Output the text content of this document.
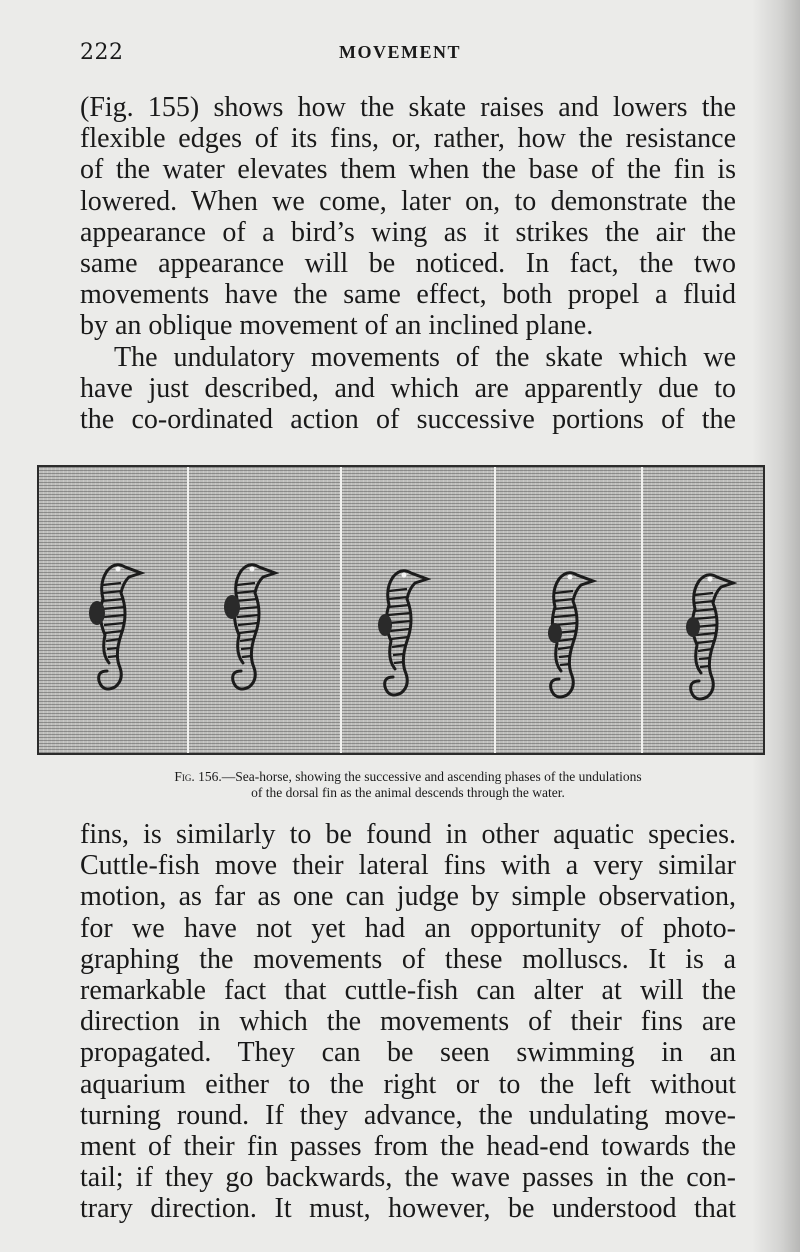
222	MOVEMENT
(Fig. 155) shows how the skate raises and lowers the
flexible edges of its fins, or, rather, how the resistance
of the water elevates them when the base of the fin is
lowered. When we come, later on, to demonstrate the
appearance of a bird’s wing as it strikes the air the
same appearance will be noticed. In fact, the two
movements have the same effect, both propel a fluid
by an oblique movement of an inclined plane.
The undulatory movements of the skate which we
have just described, and which are apparently due to
the co-ordinated action of successive portions of the
Fig. 156.—Sea-horse, showing the successive and ascending phases of the undulations
of the dorsal fin as the animal descends through the water.
fins, is similarly to be found in other aquatic species.
Cuttle-fish move their lateral fins with a very similar
motion, as far as one can judge by simple observation,
for we have not yet had an opportunity of photo-
graphing the movements of these molluscs. It is a
remarkable fact that cuttle-fish can alter at will the
direction in which the movements of their fins are
propagated. They can be seen swimming in an
aquarium either to the right or to the left without
turning round. If they advance, the undulating move-
ment of their fin passes from the head-end towards the
tail; if they go backwards, the wave passes in the con-
trary direction. It must, however, be understood that
